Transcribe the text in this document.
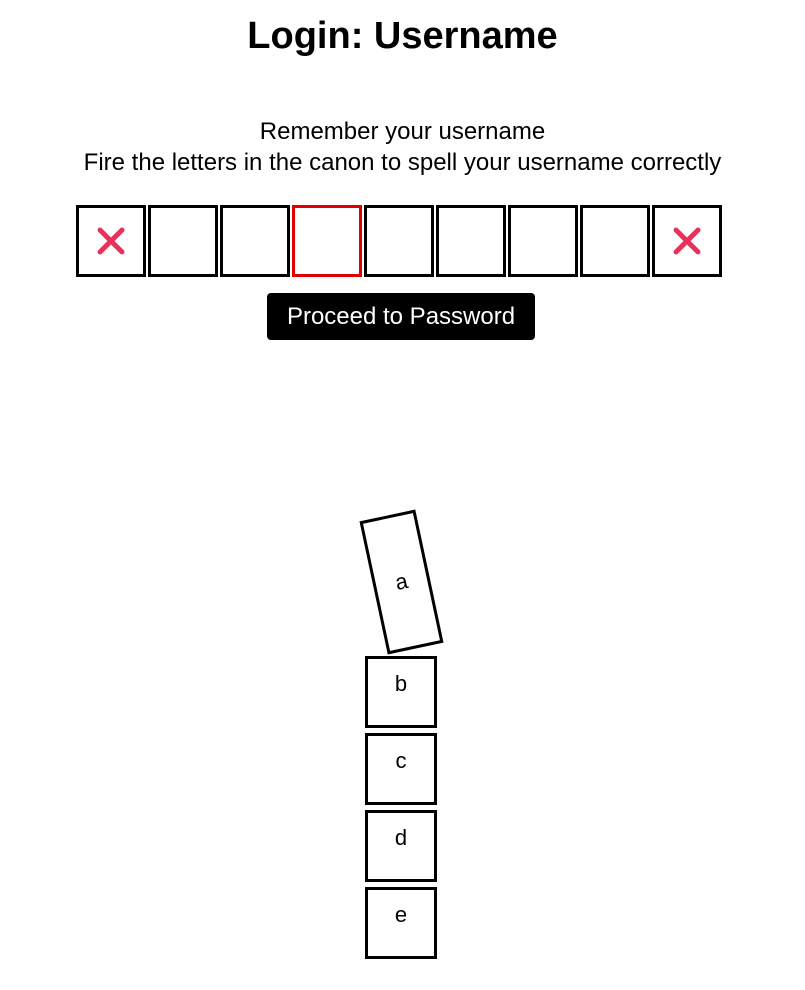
Login: Username
Remember your username
Fire the letters in the canon to spell your username correctly
Proceed to Password
a
b
c
d
e
